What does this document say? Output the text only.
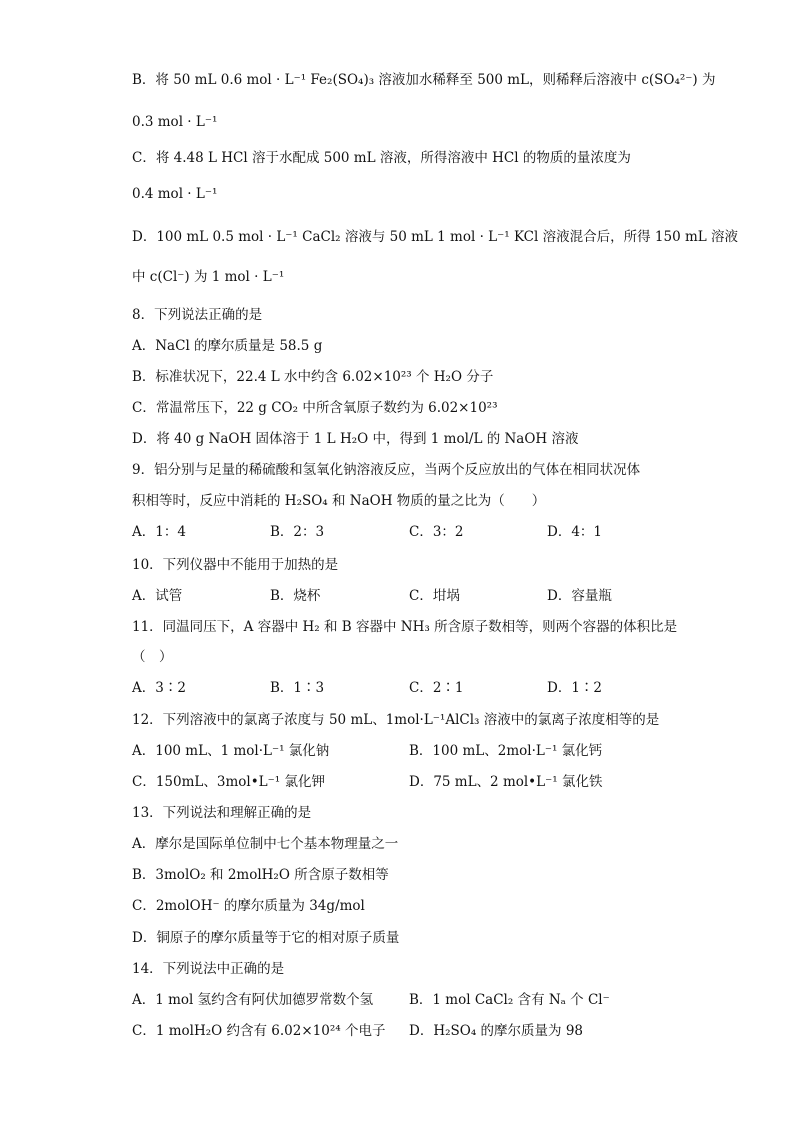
B．将 50 mL 0.6 mol · L⁻¹ Fe₂(SO₄)₃ 溶液加水稀释至 500 mL，则稀释后溶液中 c(SO₄²⁻) 为
0.3 mol · L⁻¹
C．将 4.48 L HCl 溶于水配成 500 mL 溶液，所得溶液中 HCl 的物质的量浓度为
0.4 mol · L⁻¹
D．100 mL 0.5 mol · L⁻¹ CaCl₂ 溶液与 50 mL 1 mol · L⁻¹ KCl 溶液混合后，所得 150 mL 溶液
中 c(Cl⁻) 为 1 mol · L⁻¹
8．下列说法正确的是
A．NaCl 的摩尔质量是 58.5 g
B．标准状况下，22.4 L 水中约含 6.02×10²³ 个 H₂O 分子
C．常温常压下，22 g CO₂ 中所含氧原子数约为 6.02×10²³
D．将 40 g NaOH 固体溶于 1 L H₂O 中，得到 1 mol/L 的 NaOH 溶液
9．铝分别与足量的稀硫酸和氢氧化钠溶液反应，当两个反应放出的气体在相同状况体
积相等时，反应中消耗的 H₂SO₄ 和 NaOH 物质的量之比为（　　）
A．1：4	B．2：3	C．3：2	D．4：1
10．下列仪器中不能用于加热的是
A．试管	B．烧杯	C．坩埚	D．容量瓶
11．同温同压下，A 容器中 H₂ 和 B 容器中 NH₃ 所含原子数相等，则两个容器的体积比是
（　）
A．3∶2	B．1∶3	C．2∶1	D．1∶2
12．下列溶液中的氯离子浓度与 50 mL、1mol·L⁻¹AlCl₃ 溶液中的氯离子浓度相等的是
A．100 mL、1 mol·L⁻¹ 氯化钠	B．100 mL、2mol·L⁻¹ 氯化钙
C．150mL、3mol•L⁻¹ 氯化钾	D．75 mL、2 mol•L⁻¹ 氯化铁
13．下列说法和理解正确的是
A．摩尔是国际单位制中七个基本物理量之一
B．3molO₂ 和 2molH₂O 所含原子数相等
C．2molOH⁻ 的摩尔质量为 34g/mol
D．铜原子的摩尔质量等于它的相对原子质量
14．下列说法中正确的是
A．1 mol 氢约含有阿伏加德罗常数个氢	B．1 mol CaCl₂ 含有 Nₐ 个 Cl⁻
C．1 molH₂O 约含有 6.02×10²⁴ 个电子 D．H₂SO₄ 的摩尔质量为 98
